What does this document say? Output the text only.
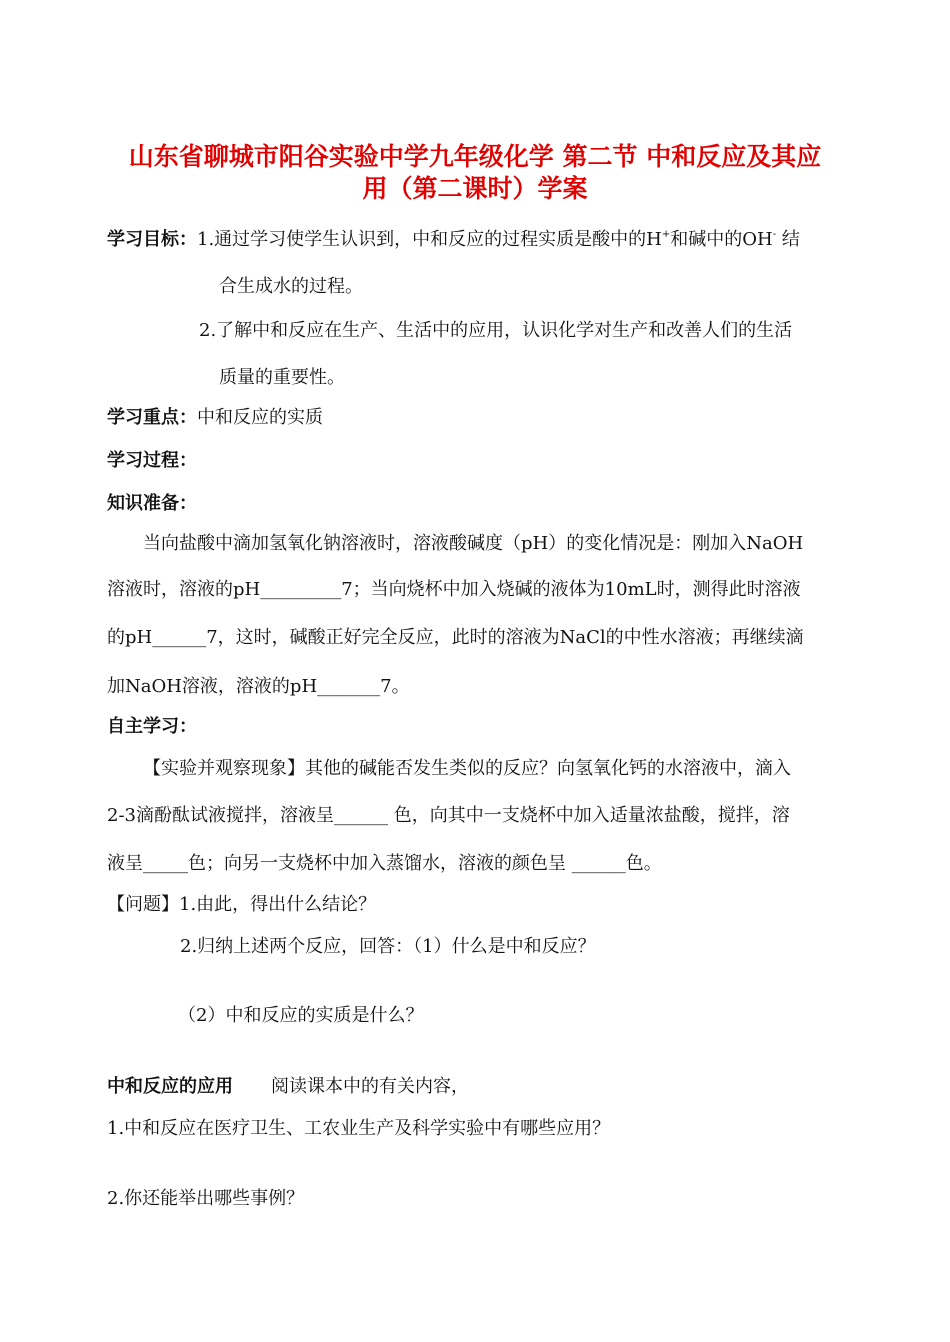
山东省聊城市阳谷实验中学九年级化学 第二节 中和反应及其应
用（第二课时）学案
学习目标：1.通过学习使学生认识到，中和反应的过程实质是酸中的H+和碱中的OH- 结
合生成水的过程。
2.了解中和反应在生产、生活中的应用，认识化学对生产和改善人们的生活
质量的重要性。
学习重点：中和反应的实质
学习过程：
知识准备：
当向盐酸中滴加氢氧化钠溶液时，溶液酸碱度（pH）的变化情况是：刚加入NaOH
溶液时，溶液的pH_________7；当向烧杯中加入烧碱的液体为10mL时，测得此时溶液
的pH______7，这时，碱酸正好完全反应，此时的溶液为NaCl的中性水溶液；再继续滴
加NaOH溶液，溶液的pH_______7。
自主学习：
【实验并观察现象】其他的碱能否发生类似的反应？向氢氧化钙的水溶液中，滴入
2-3滴酚酞试液搅拌，溶液呈______ 色，向其中一支烧杯中加入适量浓盐酸，搅拌，溶
液呈_____色；向另一支烧杯中加入蒸馏水，溶液的颜色呈 ______色。
【问题】1.由此，得出什么结论？
2.归纳上述两个反应，回答：（1）什么是中和反应？
（2）中和反应的实质是什么？
中和反应的应用 阅读课本中的有关内容，
1.中和反应在医疗卫生、工农业生产及科学实验中有哪些应用？
2.你还能举出哪些事例？
